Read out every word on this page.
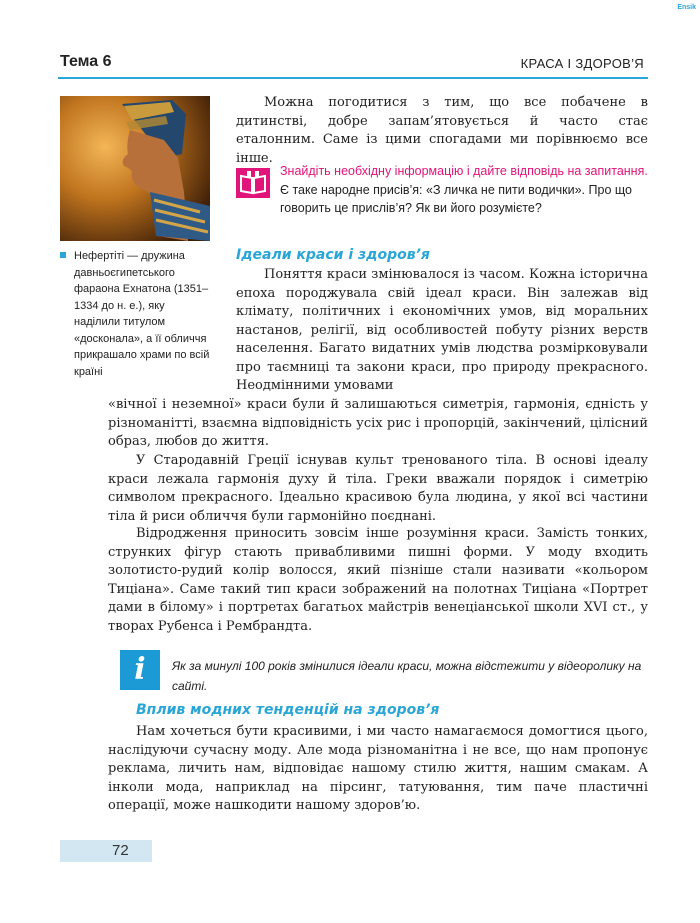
Ensik
Тема 6	КРАСА І ЗДОРОВ’Я
Нефертіті — дружина давньоєгипетського фараона Ехнатона (1351–1334 до н. е.), яку наділили титулом «досконала», а її обличчя прикрашало храми по всій країні

Можна погодитися з тим, що все побачене в дитинстві, добре запам’ятовується й часто стає еталонним. Саме із цими спогадами ми порівнюємо все інше.

Знайдіть необхідну інформацію і дайте відповідь на запитання. Є таке народне присів’я: «З личка не пити водички». Про що говорить це прислів’я? Як ви його розумієте?

Ідеали краси і здоров’я

Поняття краси змінювалося із часом. Кожна історична епоха породжувала свій ідеал краси. Він залежав від клімату, політичних і економічних умов, від моральних настанов, релігії, від особливостей побуту різних верств населення. Багато видатних умів людства розмірковували про таємниці та закони краси, про природу прекрасного. Неодмінними умовами

«вічної і неземної» краси були й залишаються симетрія, гармонія, єдність у різноманітті, взаємна відповідність усіх рис і пропорцій, закінчений, цілісний образ, любов до життя.

У Стародавній Греції існував культ тренованого тіла. В основі ідеалу краси лежала гармонія духу й тіла. Греки вважали порядок і симетрію символом прекрасного. Ідеально красивою була людина, у якої всі частини тіла й риси обличчя були гармонійно поєднані.

Відродження приносить зовсім інше розуміння краси. Замість тонких, струнких фігур стають привабливими пишні форми. У моду входить золотисто-рудий колір волосся, який пізніше стали називати «кольором Тиціана». Саме такий тип краси зображений на полотнах Тиціана «Портрет дами в білому» і портретах багатьох майстрів венеціанської школи XVI ст., у творах Рубенса і Рембрандта.

i	Як за минулі 100 років змінилися ідеали краси, можна відстежити у відеоролику на сайті.

Вплив модних тенденцій на здоров’я

Нам хочеться бути красивими, і ми часто намагаємося домогтися цього, наслідуючи сучасну моду. Але мода різноманітна і не все, що нам пропонує реклама, личить нам, відповідає нашому стилю життя, нашим смакам. А інколи мода, наприклад на пірсинг, татуювання, тим паче пластичні операції, може нашкодити нашому здоров’ю.

72
